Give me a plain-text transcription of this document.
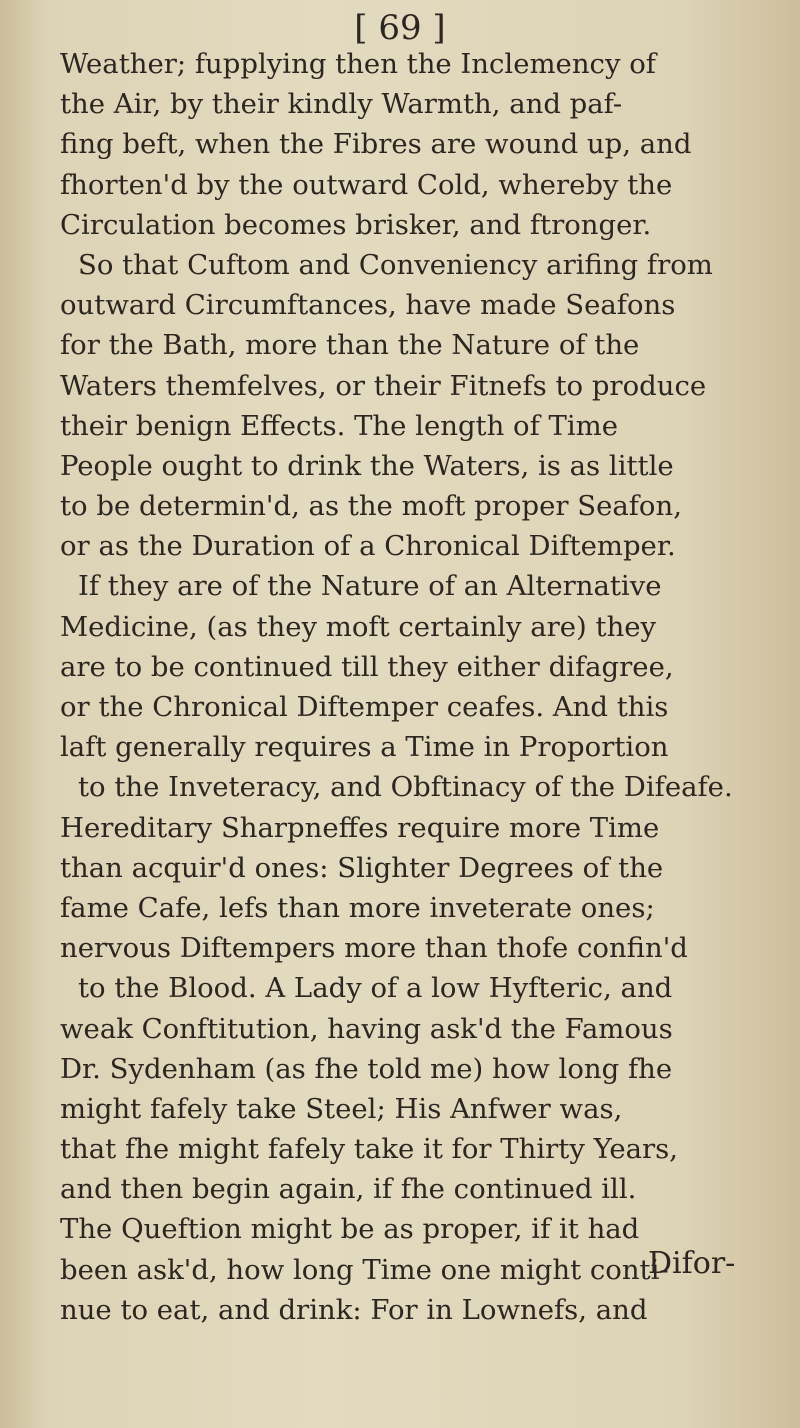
[ 69 ]
Weather; fupplying then the Inclemency of
the Air, by their kindly Warmth, and paf-
fing beft, when the Fibres are wound up, and
fhorten'd by the outward Cold, whereby the
Circulation becomes brisker, and ftronger.
So that Cuftom and Conveniency arifing from
outward Circumftances, have made Seafons
for the Bath, more than the Nature of the
Waters themfelves, or their Fitnefs to produce
their benign Effects. The length of Time
People ought to drink the Waters, is as little
to be determin'd, as the moft proper Seafon,
or as the Duration of a Chronical Diftemper.
If they are of the Nature of an Alternative
Medicine, (as they moft certainly are) they
are to be continued till they either difagree,
or the Chronical Diftemper ceafes. And this
laft generally requires a Time in Proportion
to the Inveteracy, and Obftinacy of the Difeafe.
Hereditary Sharpneffes require more Time
than acquir'd ones: Slighter Degrees of the
fame Cafe, lefs than more inveterate ones;
nervous Diftempers more than thofe confin'd
to the Blood. A Lady of a low Hyfteric, and
weak Conftitution, having ask'd the Famous
Dr. Sydenham (as fhe told me) how long fhe
might fafely take Steel; His Anfwer was,
that fhe might fafely take it for Thirty Years,
and then begin again, if fhe continued ill.
The Queftion might be as proper, if it had
been ask'd, how long Time one might conti-
nue to eat, and drink: For in Lownefs, and
Difor-
